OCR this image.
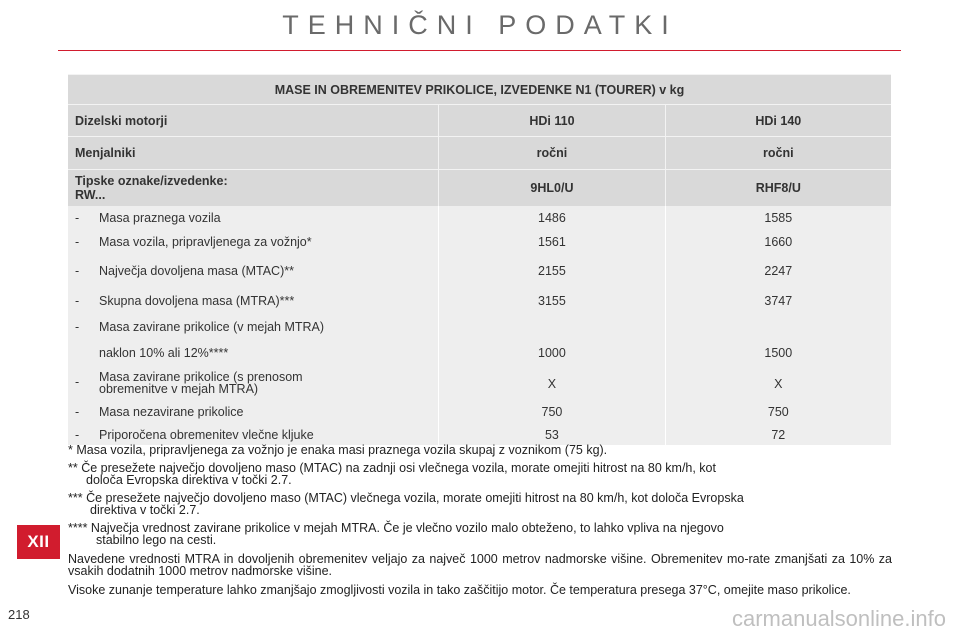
TEHNIČNI PODATKI
MASE IN OBREMENITEV PRIKOLICE, IZVEDENKE N1 (TOURER) v kg		
Dizelski motorji	HDi 110	HDi 140
Menjalniki	ročni	ročni
Tipske oznake/izvedenke:
RW...	9HL0/U	RHF8/U

- Masa praznega vozila	1486	1585

- Masa vozila, pripravljenega za vožnjo*	1561	1660

- Največja dovoljena masa (MTAC)**	2155	2247

- Skupna dovoljena masa (MTRA)***	3155	3747

- Masa zavirane prikolice (v mejah MTRA)		
naklon 10% ali 12%****	1000	1500

- Masa zavirane prikolice (s prenosom
obremenitve v mejah MTRA)	X	X

- Masa nezavirane prikolice	750	750

- Priporočena obremenitev vlečne kljuke	53	72
* Masa vozila, pripravljenega za vožnjo je enaka masi praznega vozila skupaj z voznikom (75 kg).
** Če presežete največjo dovoljeno maso (MTAC) na zadnji osi vlečnega vozila, morate omejiti hitrost na 80 km/h, kot
določa Evropska direktiva v točki 2.7.
*** Če presežete največjo dovoljeno maso (MTAC) vlečnega vozila, morate omejiti hitrost na 80 km/h, kot določa Evropska
direktiva v točki 2.7.
**** Največja vrednost zavirane prikolice v mejah MTRA. Če je vlečno vozilo malo obteženo, to lahko vpliva na njegovo
stabilno lego na cesti.
Navedene vrednosti MTRA in dovoljenih obremenitev veljajo za največ 1000 metrov nadmorske višine. Obremenitev mo-rate zmanjšati za 10% za vsakih dodatnih 1000 metrov nadmorske višine.
Visoke zunanje temperature lahko zmanjšajo zmogljivosti vozila in tako zaščitijo motor. Če temperatura presega 37°C, omejite maso prikolice.
XII
218	carmanualsonline.info
